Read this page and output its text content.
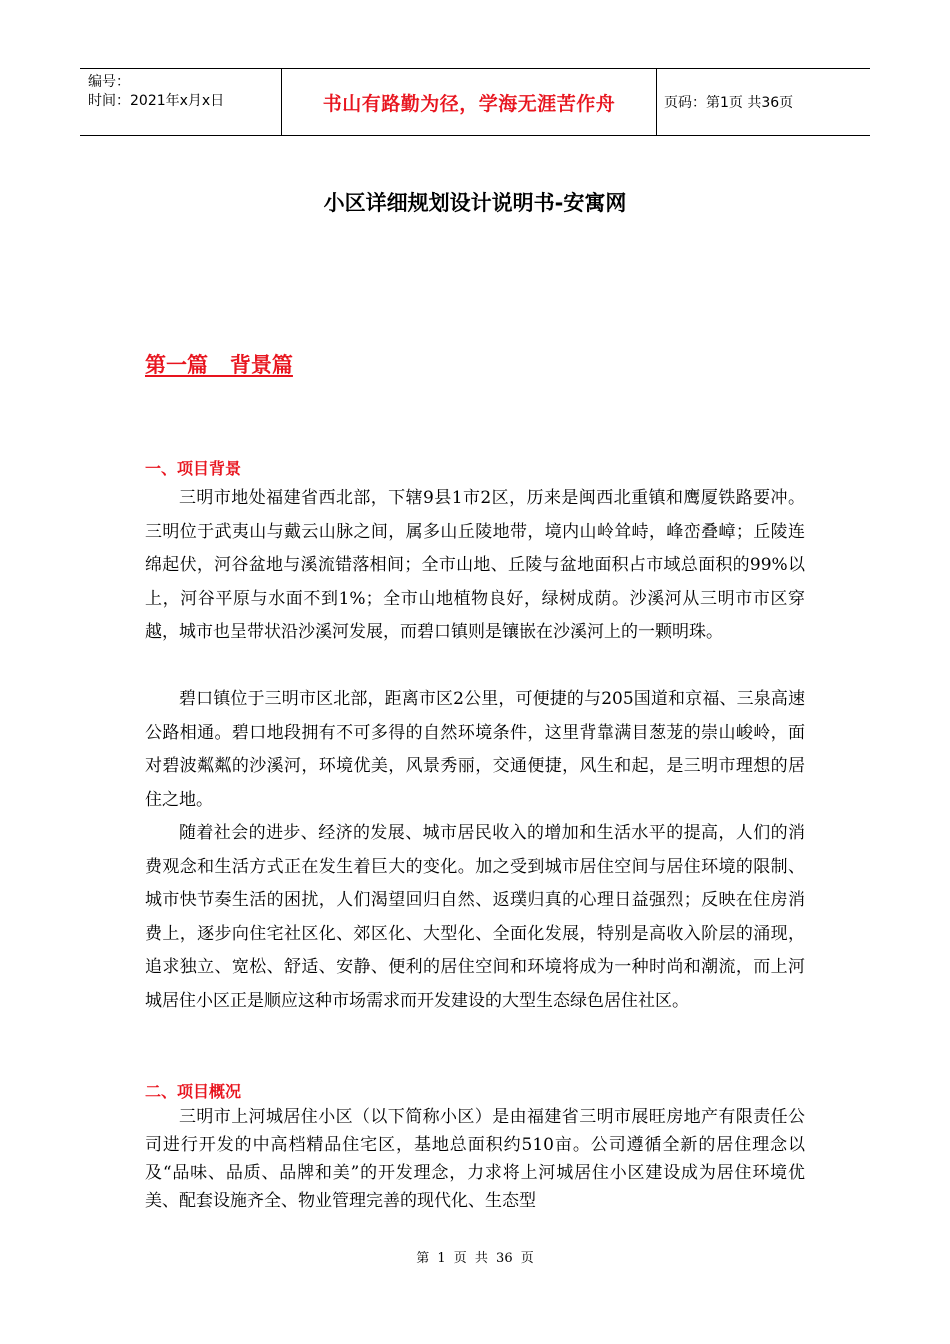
编号：
时间：2021年x月x日	书山有路勤为径，学海无涯苦作舟	页码：第1页 共36页
小区详细规划设计说明书-安寓网
第一篇   背景篇
一、项目背景

三明市地处福建省西北部，下辖9县1市2区，历来是闽西北重镇和鹰厦铁路要冲。三明位于武夷山与戴云山脉之间，属多山丘陵地带，境内山岭耸峙，峰峦叠嶂；丘陵连绵起伏，河谷盆地与溪流错落相间；全市山地、丘陵与盆地面积占市域总面积的99%以上，河谷平原与水面不到1%；全市山地植物良好，绿树成荫。沙溪河从三明市市区穿越，城市也呈带状沿沙溪河发展，而碧口镇则是镶嵌在沙溪河上的一颗明珠。

碧口镇位于三明市区北部，距离市区2公里，可便捷的与205国道和京福、三泉高速公路相通。碧口地段拥有不可多得的自然环境条件，这里背靠满目葱茏的崇山峻岭，面对碧波粼粼的沙溪河，环境优美，风景秀丽，交通便捷，风生和起，是三明市理想的居住之地。

随着社会的进步、经济的发展、城市居民收入的增加和生活水平的提高，人们的消费观念和生活方式正在发生着巨大的变化。加之受到城市居住空间与居住环境的限制、城市快节奏生活的困扰，人们渴望回归自然、返璞归真的心理日益强烈；反映在住房消费上，逐步向住宅社区化、郊区化、大型化、全面化发展，特别是高收入阶层的涌现，追求独立、宽松、舒适、安静、便利的居住空间和环境将成为一种时尚和潮流，而上河城居住小区正是顺应这种市场需求而开发建设的大型生态绿色居住社区。

二、项目概况

三明市上河城居住小区（以下简称小区）是由福建省三明市展旺房地产有限责任公司进行开发的中高档精品住宅区，基地总面积约510亩。公司遵循全新的居住理念以及“品味、品质、品牌和美”的开发理念，力求将上河城居住小区建设成为居住环境优美、配套设施齐全、物业管理完善的现代化、生态型

第 1 页 共 36 页
